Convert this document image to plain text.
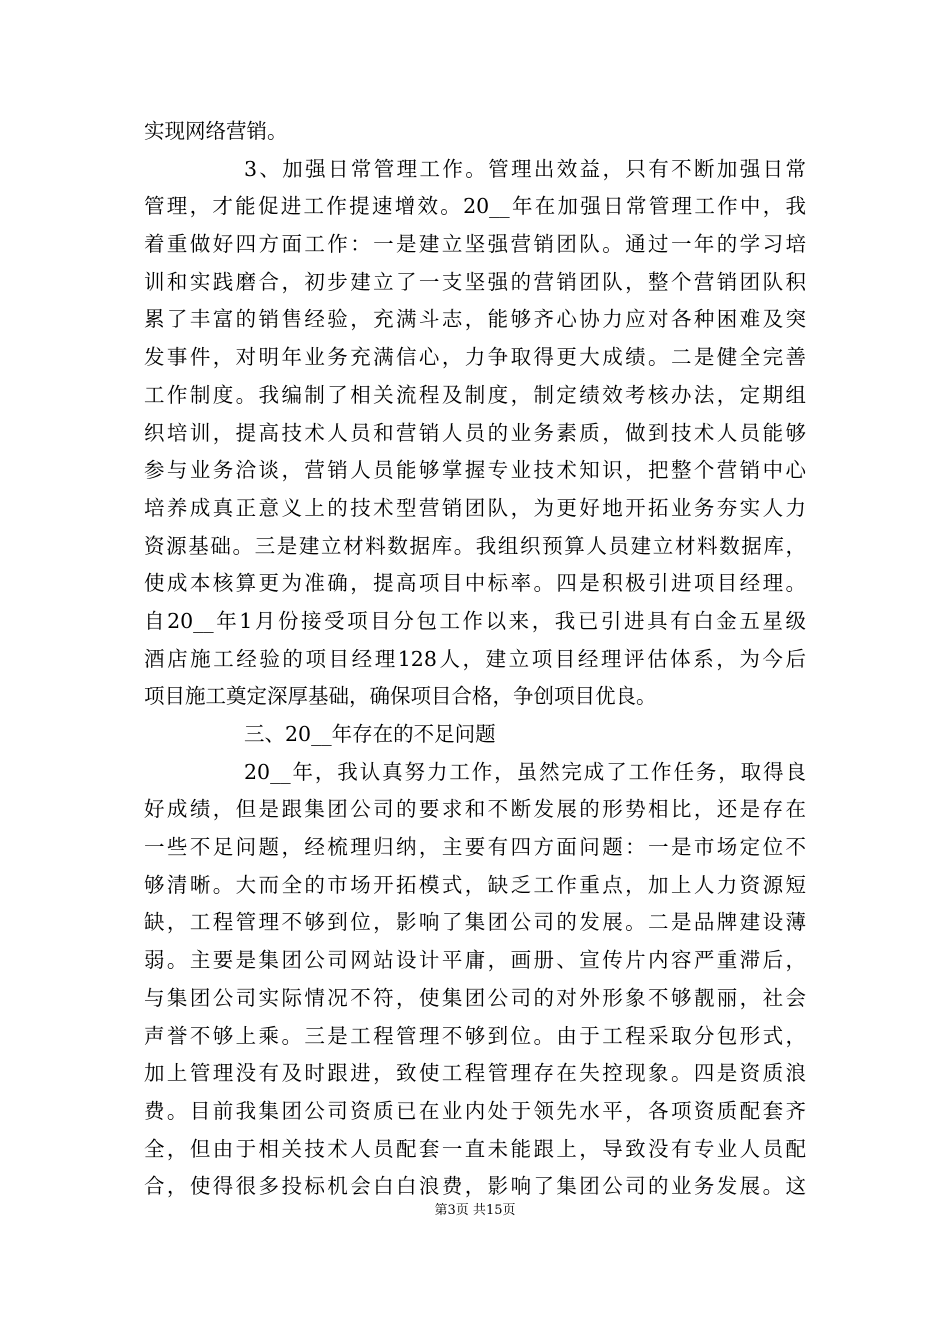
实现网络营销。
3、加强日常管理工作。管理出效益，只有不断加强日常
管理，才能促进工作提速增效。20__年在加强日常管理工作中，我
着重做好四方面工作：一是建立坚强营销团队。通过一年的学习培
训和实践磨合，初步建立了一支坚强的营销团队，整个营销团队积
累了丰富的销售经验，充满斗志，能够齐心协力应对各种困难及突
发事件，对明年业务充满信心，力争取得更大成绩。二是健全完善
工作制度。我编制了相关流程及制度，制定绩效考核办法，定期组
织培训，提高技术人员和营销人员的业务素质，做到技术人员能够
参与业务洽谈，营销人员能够掌握专业技术知识，把整个营销中心
培养成真正意义上的技术型营销团队，为更好地开拓业务夯实人力
资源基础。三是建立材料数据库。我组织预算人员建立材料数据库，
使成本核算更为准确，提高项目中标率。四是积极引进项目经理。
自20__年1月份接受项目分包工作以来，我已引进具有白金五星级
酒店施工经验的项目经理128人，建立项目经理评估体系，为今后
项目施工奠定深厚基础，确保项目合格，争创项目优良。
三、20__年存在的不足问题
20__年，我认真努力工作，虽然完成了工作任务，取得良
好成绩，但是跟集团公司的要求和不断发展的形势相比，还是存在
一些不足问题，经梳理归纳，主要有四方面问题：一是市场定位不
够清晰。大而全的市场开拓模式，缺乏工作重点，加上人力资源短
缺，工程管理不够到位，影响了集团公司的发展。二是品牌建设薄
弱。主要是集团公司网站设计平庸，画册、宣传片内容严重滞后，
与集团公司实际情况不符，使集团公司的对外形象不够靓丽，社会
声誉不够上乘。三是工程管理不够到位。由于工程采取分包形式，
加上管理没有及时跟进，致使工程管理存在失控现象。四是资质浪
费。目前我集团公司资质已在业内处于领先水平，各项资质配套齐
全，但由于相关技术人员配套一直未能跟上，导致没有专业人员配
合，使得很多投标机会白白浪费，影响了集团公司的业务发展。这
第3页 共15页
